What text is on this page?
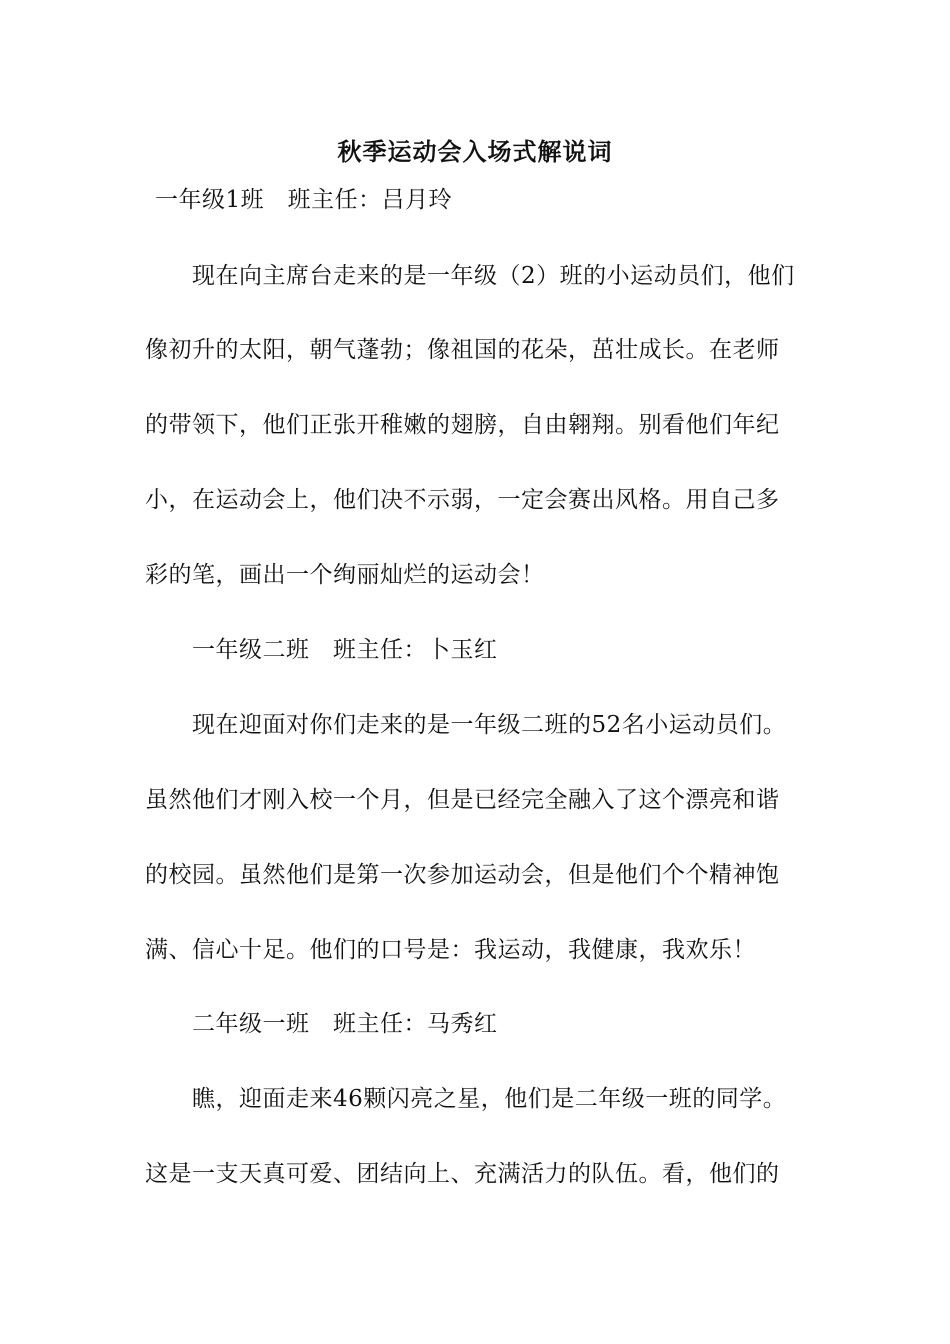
秋季运动会入场式解说词
一年级1班　班主任：吕月玲
现在向主席台走来的是一年级（2）班的小运动员们，他们
像初升的太阳，朝气蓬勃；像祖国的花朵，茁壮成长。在老师
的带领下，他们正张开稚嫩的翅膀，自由翱翔。别看他们年纪
小，在运动会上，他们决不示弱，一定会赛出风格。用自己多
彩的笔，画出一个绚丽灿烂的运动会！
一年级二班　班主任：卜玉红
现在迎面对你们走来的是一年级二班的52名小运动员们。
虽然他们才刚入校一个月，但是已经完全融入了这个漂亮和谐
的校园。虽然他们是第一次参加运动会，但是他们个个精神饱
满、信心十足。他们的口号是：我运动，我健康，我欢乐！
二年级一班　班主任：马秀红
瞧，迎面走来46颗闪亮之星，他们是二年级一班的同学。
这是一支天真可爱、团结向上、充满活力的队伍。看，他们的
